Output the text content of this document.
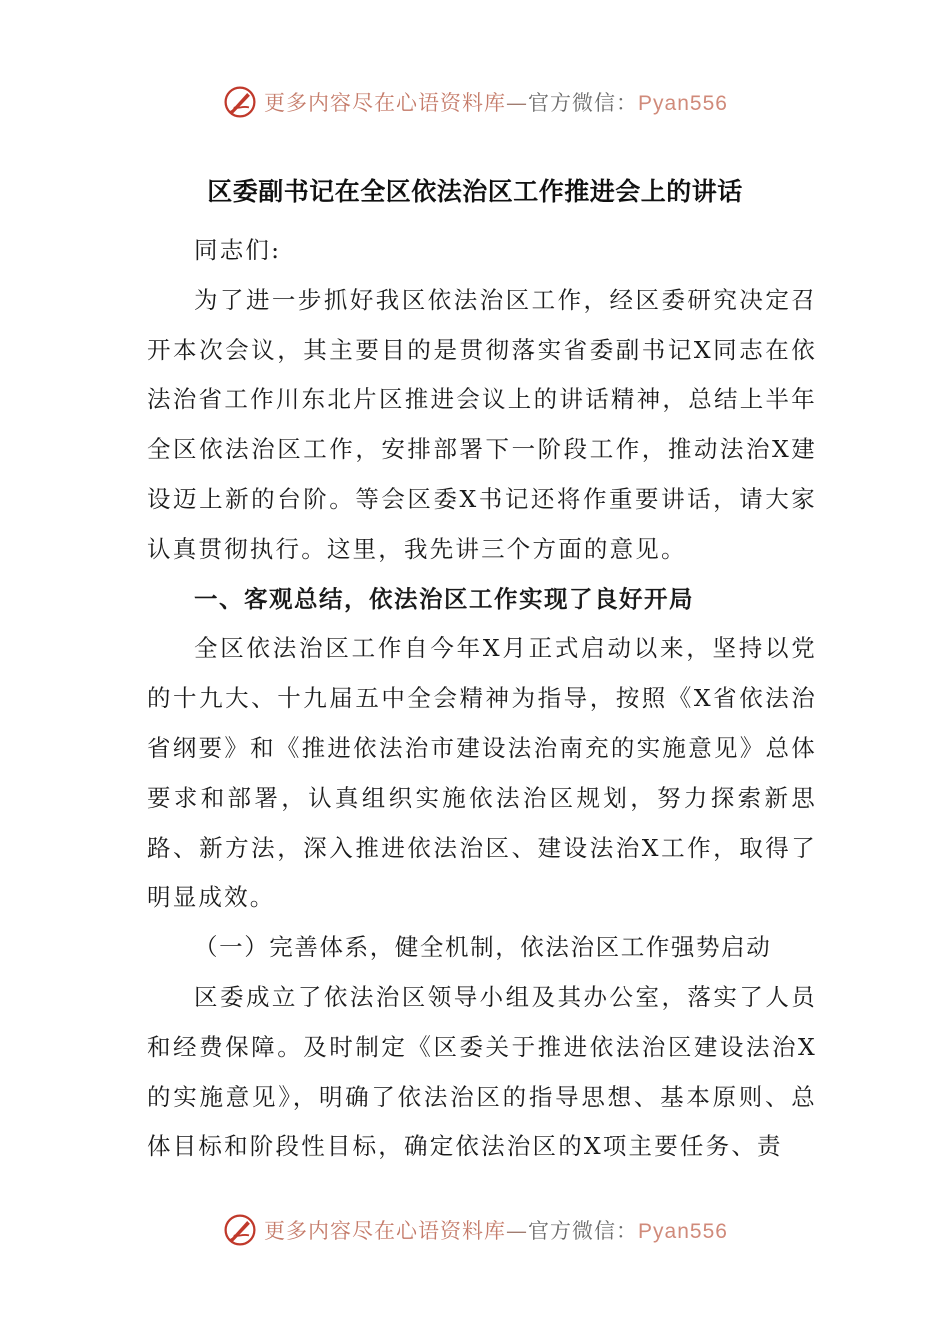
更多内容尽在心语资料库—官方微信：Pyan556
区委副书记在全区依法治区工作推进会上的讲话

同志们:

为了进一步抓好我区依法治区工作，经区委研究决定召开本次会议，其主要目的是贯彻落实省委副书记X同志在依法治省工作川东北片区推进会议上的讲话精神，总结上半年全区依法治区工作，安排部署下一阶段工作，推动法治X建设迈上新的台阶。等会区委X书记还将作重要讲话，请大家认真贯彻执行。这里，我先讲三个方面的意见。

一、客观总结，依法治区工作实现了良好开局

全区依法治区工作自今年X月正式启动以来，坚持以党的十九大、十九届五中全会精神为指导，按照《X省依法治省纲要》和《推进依法治市建设法治南充的实施意见》总体要求和部署，认真组织实施依法治区规划，努力探索新思路、新方法，深入推进依法治区、建设法治X工作，取得了明显成效。

（一）完善体系，健全机制，依法治区工作强势启动

区委成立了依法治区领导小组及其办公室，落实了人员和经费保障。及时制定《区委关于推进依法治区建设法治X的实施意见》，明确了依法治区的指导思想、基本原则、总体目标和阶段性目标，确定依法治区的X项主要任务、责

更多内容尽在心语资料库—官方微信：Pyan556
